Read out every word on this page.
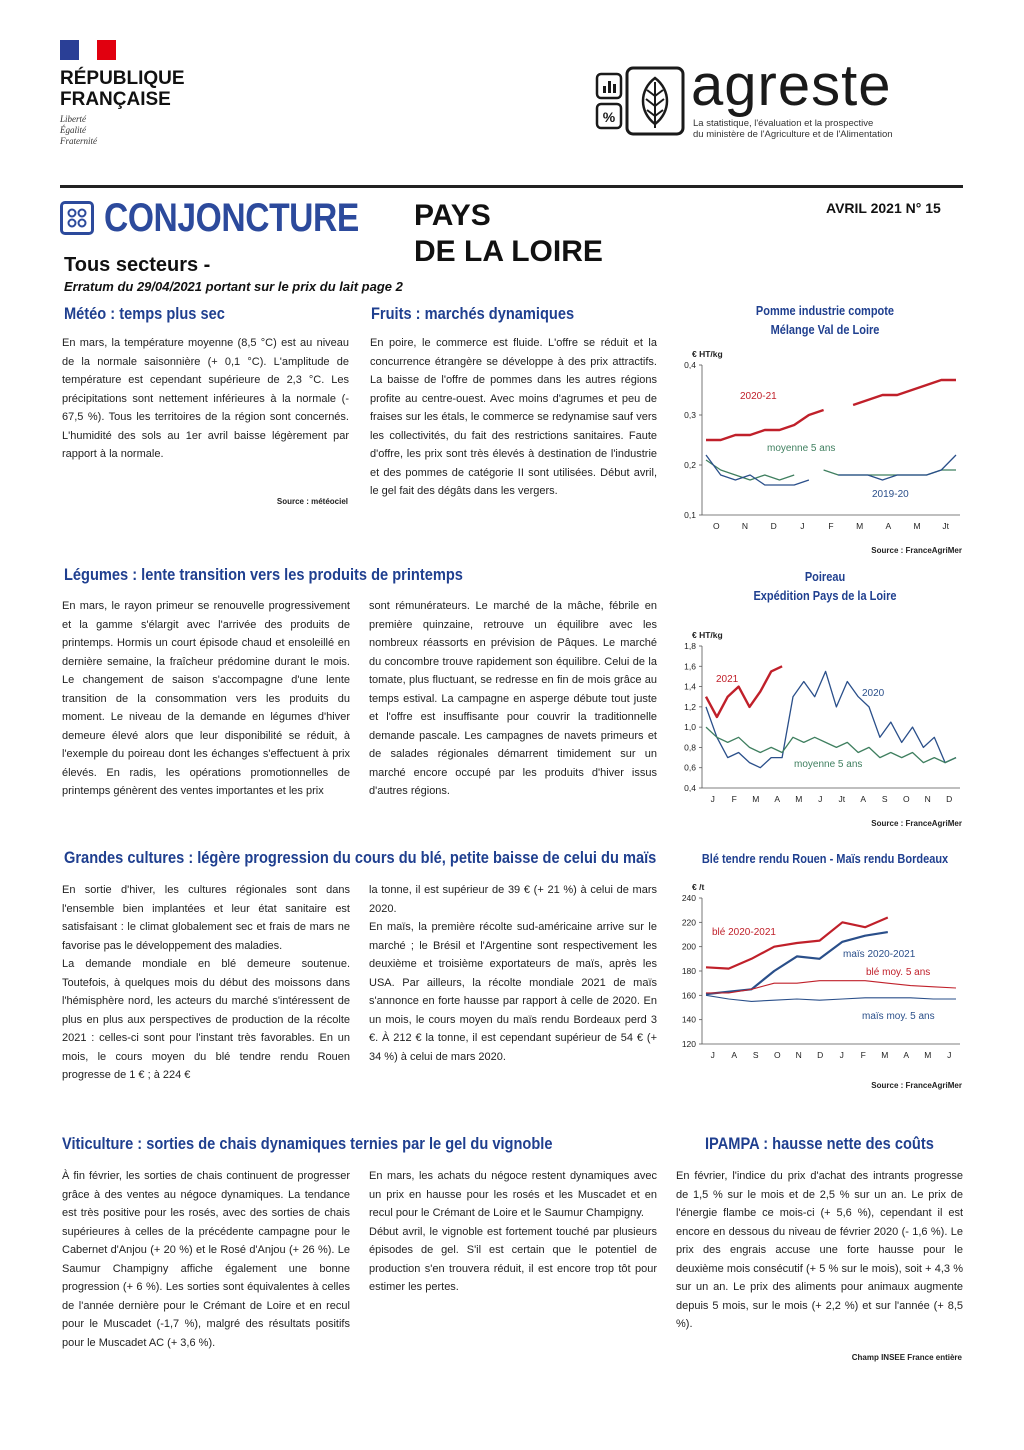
RÉPUBLIQUE
FRANÇAISE
Liberté
Égalité
Fraternité
% agreste
La statistique, l'évaluation et la prospective
du ministère de l'Agriculture et de l'Alimentation
CONJONCTURE PAYS
DE LA LOIRE
AVRIL 2021 N° 15
Tous secteurs -
Erratum du 29/04/2021 portant sur le prix du lait page 2
Météo : temps plus sec
En mars, la température moyenne (8,5 °C) est au niveau de la normale saisonnière (+ 0,1 °C). L'amplitude de température est cependant supérieure de 2,3 °C. Les précipitations sont nettement inférieures à la normale (- 67,5 %). Tous les territoires de la région sont concernés. L'humidité des sols au 1er avril baisse légèrement par rapport à la normale.
Source : météociel
Fruits : marchés dynamiques
En poire, le commerce est fluide. L'offre se réduit et la concurrence étrangère se développe à des prix attractifs. La baisse de l'offre de pommes dans les autres régions profite au centre-ouest. Avec moins d'agrumes et peu de fraises sur les étals, le commerce se redynamise sauf vers les collectivités, du fait des restrictions sanitaires. Faute d'offre, les prix sont très élevés à destination de l'industrie et des pommes de catégorie II sont utilisées. Début avril, le gel fait des dégâts dans les vergers.
Pomme industrie compote
Mélange Val de Loire
€ HT/kg
0,1
0,2
0,3
0,4
O	N	D	J	F	M	A	M	Jt
2020-21
moyenne 5 ans
2019-20
Source : FranceAgriMer
Légumes : lente transition vers les produits de printemps
En mars, le rayon primeur se renouvelle progressivement et la gamme s'élargit avec l'arrivée des produits de printemps. Hormis un court épisode chaud et ensoleillé en dernière semaine, la fraîcheur prédomine durant le mois. Le changement de saison s'accompagne d'une lente transition de la consommation vers les produits du moment. Le niveau de la demande en légumes d'hiver demeure élevé alors que leur disponibilité se réduit, à l'exemple du poireau dont les échanges s'effectuent à prix élevés. En radis, les opérations promotionnelles de printemps génèrent des ventes importantes et les prix
sont rémunérateurs. Le marché de la mâche, fébrile en première quinzaine, retrouve un équilibre avec les nombreux réassorts en prévision de Pâques. Le marché du concombre trouve rapidement son équilibre. Celui de la tomate, plus fluctuant, se redresse en fin de mois grâce au temps estival. La campagne en asperge débute tout juste et l'offre est insuffisante pour couvrir la traditionnelle demande pascale. Les campagnes de navets primeurs et de salades régionales démarrent timidement sur un marché encore occupé par les produits d'hiver issus d'autres régions.
Poireau
Expédition Pays de la Loire
€ HT/kg
0,4
0,6
0,8
1,0
1,2
1,4
1,6
1,8
J F M A M J Jt A S O N D
2021
2020
moyenne 5 ans
Source : FranceAgriMer
Grandes cultures : légère progression du cours du blé, petite baisse de celui du maïs
En sortie d'hiver, les cultures régionales sont dans l'ensemble bien implantées et leur état sanitaire est satisfaisant : le climat globalement sec et frais de mars ne favorise pas le développement des maladies.
La demande mondiale en blé demeure soutenue. Toutefois, à quelques mois du début des moissons dans l'hémisphère nord, les acteurs du marché s'intéressent de plus en plus aux perspectives de production de la récolte 2021 : celles-ci sont pour l'instant très favorables. En un mois, le cours moyen du blé tendre rendu Rouen progresse de 1 € ; à 224 €
la tonne, il est supérieur de 39 € (+ 21 %) à celui de mars 2020.
En maïs, la première récolte sud-américaine arrive sur le marché ; le Brésil et l'Argentine sont respectivement les deuxième et troisième exportateurs de maïs, après les USA. Par ailleurs, la récolte mondiale 2021 de maïs s'annonce en forte hausse par rapport à celle de 2020. En un mois, le cours moyen du maïs rendu Bordeaux perd 3 €. À 212 € la tonne, il est cependant supérieur de 54 € (+ 34 %) à celui de mars 2020.
Blé tendre rendu Rouen - Maïs rendu Bordeaux
€ /t
120
140
160
180
200
220
240
J A S O N D J F M A M J
blé 2020-2021
maïs 2020-2021
blé moy. 5 ans
maïs moy. 5 ans
Source : FranceAgriMer
Viticulture : sorties de chais dynamiques ternies par le gel du vignoble
À fin février, les sorties de chais continuent de progresser grâce à des ventes au négoce dynamiques. La tendance est très positive pour les rosés, avec des sorties de chais supérieures à celles de la précédente campagne pour le Cabernet d'Anjou (+ 20 %) et le Rosé d'Anjou (+ 26 %). Le Saumur Champigny affiche également une bonne progression (+ 6 %). Les sorties sont équivalentes à celles de l'année dernière pour le Crémant de Loire et en recul pour le Muscadet (-1,7 %), malgré des résultats positifs pour le Muscadet AC (+ 3,6 %).
En mars, les achats du négoce restent dynamiques avec un prix en hausse pour les rosés et les Muscadet et en recul pour le Crémant de Loire et le Saumur Champigny.
Début avril, le vignoble est fortement touché par plusieurs épisodes de gel. S'il est certain que le potentiel de production s'en trouvera réduit, il est encore trop tôt pour estimer les pertes.
IPAMPA : hausse nette des coûts
En février, l'indice du prix d'achat des intrants progresse de 1,5 % sur le mois et de 2,5 % sur un an. Le prix de l'énergie flambe ce mois-ci (+ 5,6 %), cependant il est encore en dessous du niveau de février 2020 (- 1,6 %). Le prix des engrais accuse une forte hausse pour le deuxième mois consécutif (+ 5 % sur le mois), soit + 4,3 % sur un an. Le prix des aliments pour animaux augmente depuis 5 mois, sur le mois (+ 2,2 %) et sur l'année (+ 8,5 %).
Champ INSEE France entière
